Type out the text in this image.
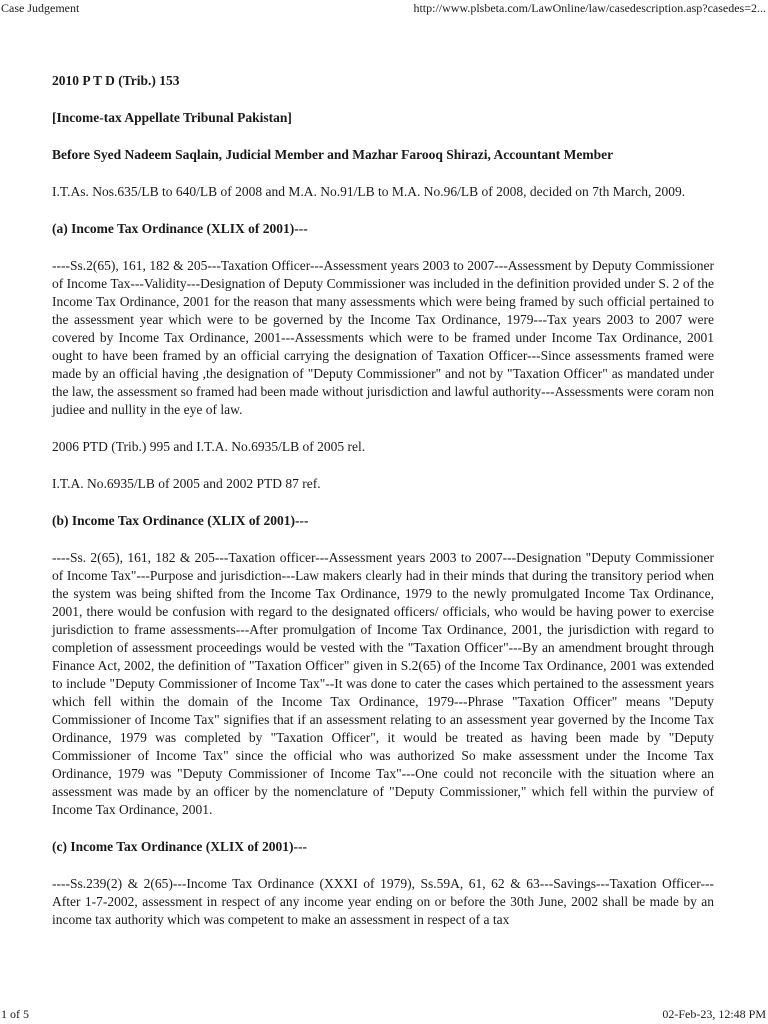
Case Judgement	http://www.plsbeta.com/LawOnline/law/casedescription.asp?casedes=2...

2010 P T D (Trib.) 153

[Income-tax Appellate Tribunal Pakistan]

Before Syed Nadeem Saqlain, Judicial Member and Mazhar Farooq Shirazi, Accountant Member

I.T.As. Nos.635/LB to 640/LB of 2008 and M.A. No.91/LB to M.A. No.96/LB of 2008, decided on 7th March, 2009.

(a) Income Tax Ordinance (XLIX of 2001)---

----Ss.2(65), 161, 182 & 205---Taxation Officer---Assessment years 2003 to 2007---Assessment by Deputy Commissioner of Income Tax---Validity---Designation of Deputy Commissioner was included in the definition provided under S. 2 of the Income Tax Ordinance, 2001 for the reason that many assessments which were being framed by such official pertained to the assessment year which were to be governed by the Income Tax Ordinance, 1979---Tax years 2003 to 2007 were covered by Income Tax Ordinance, 2001---Assessments which were to be framed under Income Tax Ordinance, 2001 ought to have been framed by an official carrying the designation of Taxation Officer---Since assessments framed were made by an official having ,the designation of "Deputy Commissioner" and not by "Taxation Officer" as mandated under the law, the assessment so framed had been made without jurisdiction and lawful authority---Assessments were coram non judiee and nullity in the eye of law.

2006 PTD (Trib.) 995 and I.T.A. No.6935/LB of 2005 rel.

I.T.A. No.6935/LB of 2005 and 2002 PTD 87 ref.

(b) Income Tax Ordinance (XLIX of 2001)---

----Ss. 2(65), 161, 182 & 205---Taxation officer---Assessment years 2003 to 2007---Designation "Deputy Commissioner of Income Tax"---Purpose and jurisdiction---Law makers clearly had in their minds that during the transitory period when the system was being shifted from the Income Tax Ordinance, 1979 to the newly promulgated Income Tax Ordinance, 2001, there would be confusion with regard to the designated officers/ officials, who would be having power to exercise jurisdiction to frame assessments---After promulgation of Income Tax Ordinance, 2001, the jurisdiction with regard to completion of assessment proceedings would be vested with the "Taxation Officer"---By an amendment brought through Finance Act, 2002, the definition of "Taxation Officer" given in S.2(65) of the Income Tax Ordinance, 2001 was extended to include "Deputy Commissioner of Income Tax"--It was done to cater the cases which pertained to the assessment years which fell within the domain of the Income Tax Ordinance, 1979---Phrase "Taxation Officer" means "Deputy Commissioner of Income Tax" signifies that if an assessment relating to an assessment year governed by the Income Tax Ordinance, 1979 was completed by "Taxation Officer", it would be treated as having been made by "Deputy Commissioner of Income Tax" since the official who was authorized So make assessment under the Income Tax Ordinance, 1979 was "Deputy Commissioner of Income Tax"---One could not reconcile with the situation where an assessment was made by an officer by the nomenclature of "Deputy Commissioner," which fell within the purview of Income Tax Ordinance, 2001.

(c) Income Tax Ordinance (XLIX of 2001)---

----Ss.239(2) & 2(65)---Income Tax Ordinance (XXXI of 1979), Ss.59A, 61, 62 & 63---Savings---Taxation Officer---After 1-7-2002, assessment in respect of any income year ending on or before the 30th June, 2002 shall be made by an income tax authority which was competent to make an assessment in respect of a tax

1 of 5	02-Feb-23, 12:48 PM
